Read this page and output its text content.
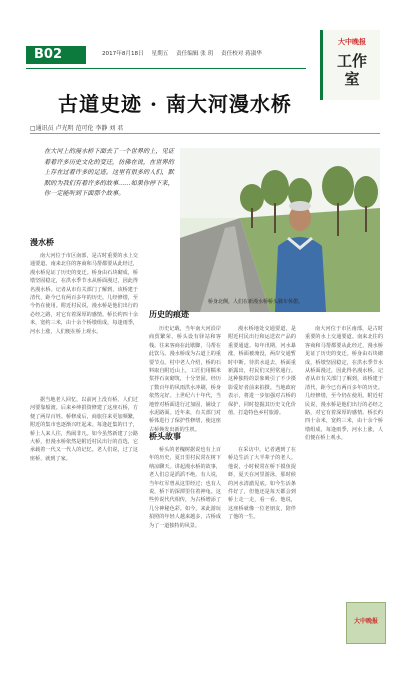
B02	2017年8月18日 星期五 责任编辑 张 玥 责任校对 蒋淑华
大中晚报
工作室
古道史迹 · 南大河漫水桥
□通讯员 卢光明 范可伦 李静 刘 君
在大河上的漫水桥下面去了一个世界的上，见证着着许多历史文化的变迁，仿佛在说，在世界的上存在过着许多的足迹。这里有很多的人们，默默的为我们有着许多的故事……如果你停下来，你一定能听到下面那个故事。
桥身北侧，人们在新漫水桥桥头骑车休憩。
漫水桥
历史的痕迹
桥头故事

南大河位于市区南部，是古时重要的水上交通要道。南来北往的客商和马帮都要从此经过，漫水桥见证了历史的变迁。桥身由石块砌成，桥墩坚固稳定，在洪水季节水从桥面漫过，因此得名漫水桥。记者从市有关部门了解到，该桥建于清代，距今已有两百多年的历史。几经修缮，至今仍在使用。附近村民说，漫水桥是他们出行的必经之路，对它有着深厚的感情。桥长约四十余米，宽约三米，由十余个桥墩组成，每逢雨季，河水上涨，人们便在桥上观水。

据当地老人回忆，以前河上没有桥，人们过河要靠船渡。后来乡绅捐资修建了这座石桥，方便了两岸百姓。桥修成后，商旅往来更加频繁，附近的集市也逐渐兴旺起来。每逢赶集的日子，桥上人来人往，热闹非凡。如今虽然新建了公路大桥，但漫水桥依然是附近村民出行的首选，它承载着一代又一代人的记忆。老人们说，过了这座桥，就到了家。

历史记载，当年南大河沿岸商贸繁荣，桥头设有驿站和客栈。往来客商在此歇脚，马帮在此饮马。漫水桥成为古道上的重要节点。村中老人介绍，桥的石料取自附近山上，工匠们用糯米浆拌石灰砌筑，十分坚固。经历了数百年的风雨洪水冲刷，桥身依然完好。上世纪六十年代，当地曾对桥面进行过加固，铺设了水泥路面。近年来，有关部门对桥体进行了保护性修缮，使这座古桥焕发出新的生机。

桥头的老槐树据说也有上百年的历史，夏日里村民常在树下纳凉聊天。讲起漫水桥的故事，老人们总是滔滔不绝。有人说，当年红军曾从这里经过；也有人说，桥下的深潭里住着神龟。这些传说代代相传，为古桥增添了几分神秘色彩。如今，来此游玩拍照的年轻人越来越多，古桥成为了一道独特的风景。

漫水桥地处交通要道，是附近村民出行和运送农产品的重要通道。每年汛期，河水暴涨，桥面被淹没，两岸交通暂时中断。待洪水退去，桥面重新露出，村民们又照常通行。这种独特的景象吸引了不少摄影爱好者前来拍摄。当地政府表示，将进一步加强对古桥的保护，同时挖掘其历史文化价值，打造特色乡村旅游。

在采访中，记者遇到了在桥边生活了大半辈子的老人。他说，小时候常在桥下摸鱼捉虾，夏天在河里游泳，那时候的河水清澈见底。如今生活条件好了，但他还是每天都会到桥上走一走，看一看。他说，这座桥就像一位老朋友，陪伴了他的一生。

南大河位于市区南部，是古时重要的水上交通要道。南来北往的客商和马帮都要从此经过，漫水桥见证了历史的变迁。桥身由石块砌成，桥墩坚固稳定，在洪水季节水从桥面漫过，因此得名漫水桥。记者从市有关部门了解到，该桥建于清代，距今已有两百多年的历史。几经修缮，至今仍在使用。附近村民说，漫水桥是他们出行的必经之路，对它有着深厚的感情。桥长约四十余米，宽约三米，由十余个桥墩组成，每逢雨季，河水上涨，人们便在桥上观水。

大中晚报
